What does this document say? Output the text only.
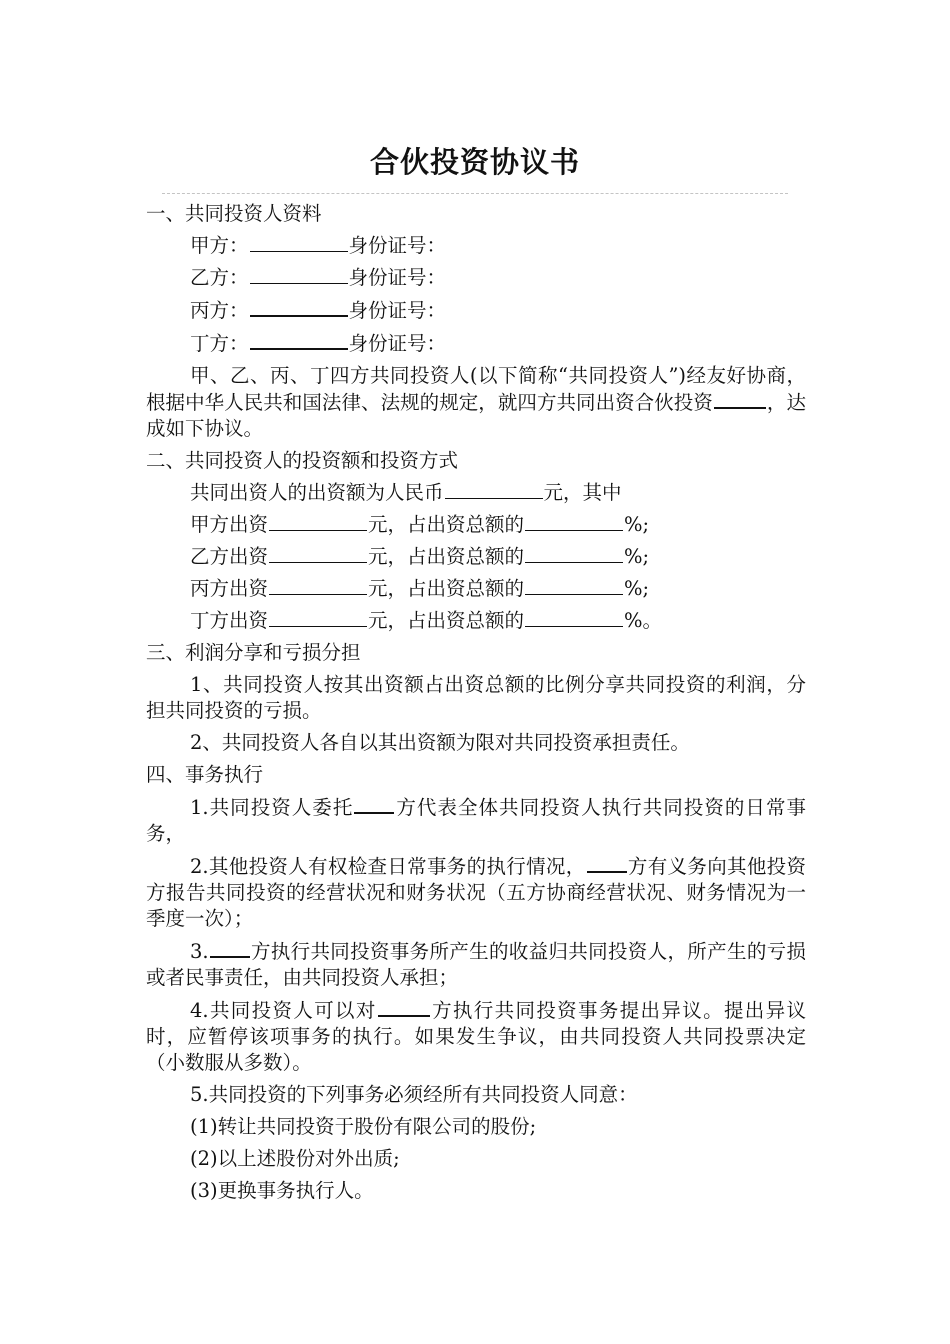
合伙投资协议书
一、共同投资人资料
甲方：	身份证号：
乙方：	身份证号：
丙方：	身份证号：
丁方：	身份证号：
甲、乙、丙、丁四方共同投资人(以下简称“共同投资人”)经友好协商，根据中华人民共和国法律、法规的规定，就四方共同出资合伙投资	，达成如下协议。
二、共同投资人的投资额和投资方式
共同出资人的出资额为人民币	元，其中
甲方出资	元，占出资总额的	%;
乙方出资	元，占出资总额的	%;
丙方出资	元，占出资总额的	%;
丁方出资	元，占出资总额的	%。
三、利润分享和亏损分担
1、共同投资人按其出资额占出资总额的比例分享共同投资的利润，分担共同投资的亏损。
2、共同投资人各自以其出资额为限对共同投资承担责任。
四、事务执行
1.共同投资人委托 方代表全体共同投资人执行共同投资的日常事务，
2.其他投资人有权检查日常事务的执行情况， 方有义务向其他投资方报告共同投资的经营状况和财务状况（五方协商经营状况、财务情况为一季度一次）；
3. 方执行共同投资事务所产生的收益归共同投资人，所产生的亏损或者民事责任，由共同投资人承担；
4.共同投资人可以对	方执行共同投资事务提出异议。提出异议时，应暂停该项事务的执行。如果发生争议，由共同投资人共同投票决定（小数服从多数）。
5.共同投资的下列事务必须经所有共同投资人同意：
(1)转让共同投资于股份有限公司的股份;
(2)以上述股份对外出质;
(3)更换事务执行人。
